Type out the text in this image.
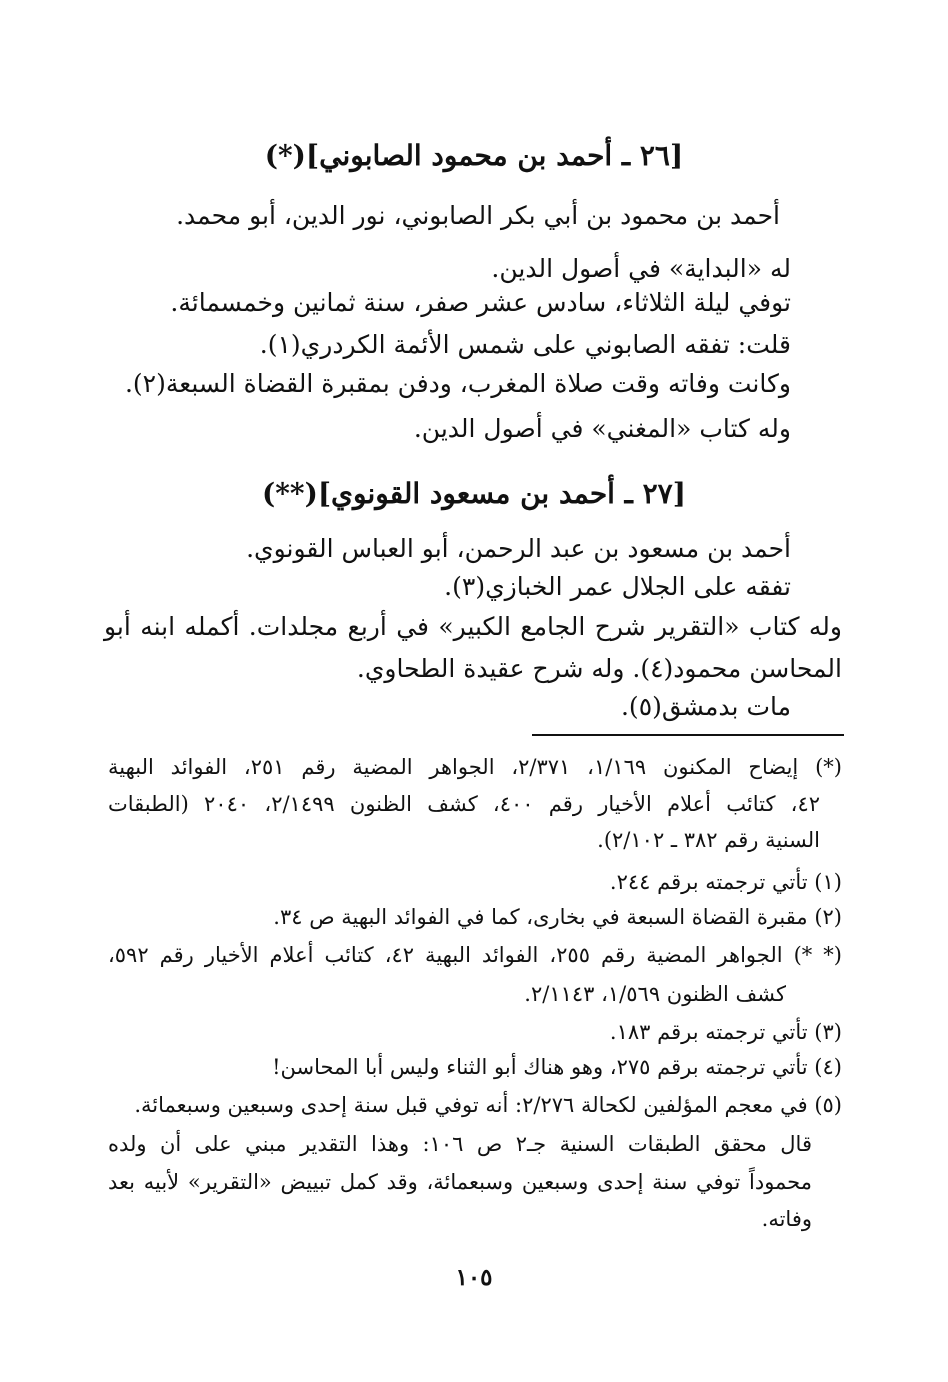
[٢٦ ـ أحمد بن محمود الصابوني](*)
أحمد بن محمود بن أبي بكر الصابوني، نور الدين، أبو محمد.
له «البداية» في أصول الدين.
توفي ليلة الثلاثاء، سادس عشر صفر، سنة ثمانين وخمسمائة.
قلت: تفقه الصابوني على شمس الأئمة الكردري(١).
وكانت وفاته وقت صلاة المغرب، ودفن بمقبرة القضاة السبعة(٢).
وله كتاب «المغني» في أصول الدين.
[٢٧ ـ أحمد بن مسعود القونوي](**)
أحمد بن مسعود بن عبد الرحمن، أبو العباس القونوي.
تفقه على الجلال عمر الخبازي(٣).
وله كتاب «التقرير شرح الجامع الكبير» في أربع مجلدات. أكمله ابنه أبو
المحاسن محمود(٤). وله شرح عقيدة الطحاوي.
مات بدمشق(٥).
(*) إيضاح المكنون ١/١٦٩، ٢/٣٧١، الجواهر المضية رقم ٢٥١، الفوائد البهية
٤٢، كتائب أعلام الأخيار رقم ٤٠٠، كشف الظنون ٢/١٤٩٩، ٢٠٤٠ (الطبقات
السنية رقم ٣٨٢ ـ ٢/١٠٢).
(١) تأتي ترجمته برقم ٢٤٤.
(٢) مقبرة القضاة السبعة في بخارى، كما في الفوائد البهية ص ٣٤.
(* *) الجواهر المضية رقم ٢٥٥، الفوائد البهية ٤٢، كتائب أعلام الأخيار رقم ٥٩٢،
كشف الظنون ١/٥٦٩، ٢/١١٤٣.
(٣) تأتي ترجمته برقم ١٨٣.
(٤) تأتي ترجمته برقم ٢٧٥، وهو هناك أبو الثناء وليس أبا المحاسن!
(٥) في معجم المؤلفين لكحالة ٢/٢٧٦: أنه توفي قبل سنة إحدى وسبعين وسبعمائة.
قال محقق الطبقات السنية جـ٢ ص ١٠٦: وهذا التقدير مبني على أن ولده
محموداً توفي سنة إحدى وسبعين وسبعمائة، وقد كمل تبييض «التقرير» لأبيه بعد
وفاته.
١٠٥
